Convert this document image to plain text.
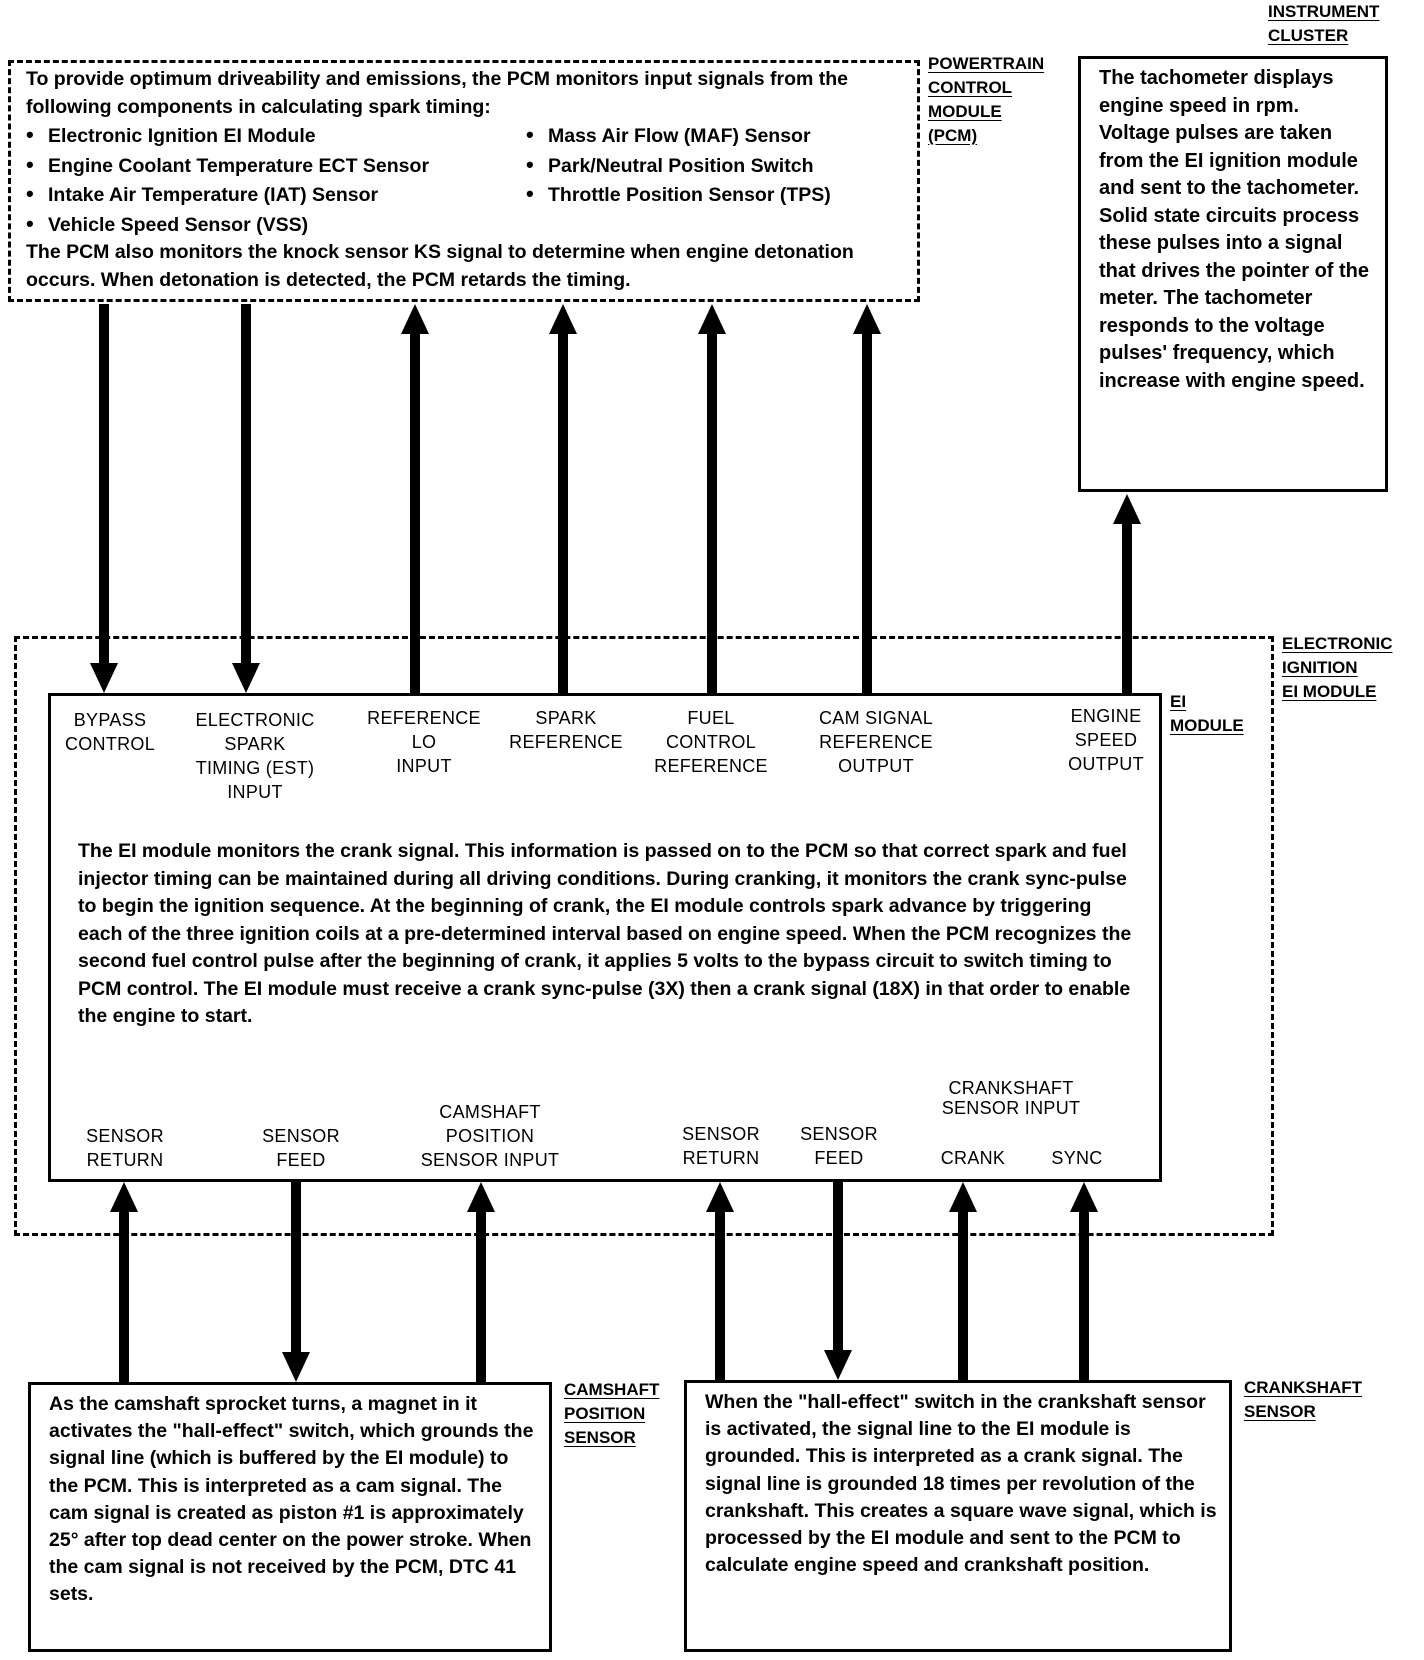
To provide optimum driveability and emissions, the PCM monitors input signals from the following components in calculating spark timing:

• Electronic Ignition EI Module	• Mass Air Flow (MAF) Sensor
• Engine Coolant Temperature ECT Sensor	• Park/Neutral Position Switch
• Intake Air Temperature (IAT) Sensor	• Throttle Position Sensor (TPS)
• Vehicle Speed Sensor (VSS)

The PCM also monitors the knock sensor KS signal to determine when engine detonation occurs. When detonation is detected, the PCM retards the timing.

POWERTRAIN
CONTROL
MODULE
(PCM)
INSTRUMENT
CLUSTER

The tachometer displays engine speed in rpm. Voltage pulses are taken from the EI ignition module and sent to the tachometer. Solid state circuits process these pulses into a signal that drives the pointer of the meter. The tachometer responds to the voltage pulses' frequency, which increase with engine speed.

ELECTRONIC
IGNITION
EI MODULE
EI
MODULE
BYPASS
CONTROL
ELECTRONIC
SPARK
TIMING (EST)
INPUT
REFERENCE
LO
INPUT
SPARK
REFERENCE
FUEL
CONTROL
REFERENCE
CAM SIGNAL
REFERENCE
OUTPUT
ENGINE
SPEED
OUTPUT

The EI module monitors the crank signal. This information is passed on to the PCM so that correct spark and fuel injector timing can be maintained during all driving conditions. During cranking, it monitors the crank sync-pulse to begin the ignition sequence. At the beginning of crank, the EI module controls spark advance by triggering each of the three ignition coils at a pre-determined interval based on engine speed. When the PCM recognizes the second fuel control pulse after the beginning of crank, it applies 5 volts to the bypass circuit to switch timing to PCM control. The EI module must receive a crank sync-pulse (3X) then a crank signal (18X) in that order to enable the engine to start.

SENSOR
RETURN
SENSOR
FEED
CAMSHAFT
POSITION
SENSOR INPUT
SENSOR
RETURN
SENSOR
FEED
CRANKSHAFT
SENSOR INPUT
CRANK	SYNC

As the camshaft sprocket turns, a magnet in it activates the "hall-effect" switch, which grounds the signal line (which is buffered by the EI module) to the PCM. This is interpreted as a cam signal. The cam signal is created as piston #1 is approximately 25° after top dead center on the power stroke. When the cam signal is not received by the PCM, DTC 41 sets.

CAMSHAFT
POSITION
SENSOR

When the "hall-effect" switch in the crankshaft sensor is activated, the signal line to the EI module is grounded. This is interpreted as a crank signal. The signal line is grounded 18 times per revolution of the crankshaft. This creates a square wave signal, which is processed by the EI module and sent to the PCM to calculate engine speed and crankshaft position.

CRANKSHAFT
SENSOR
